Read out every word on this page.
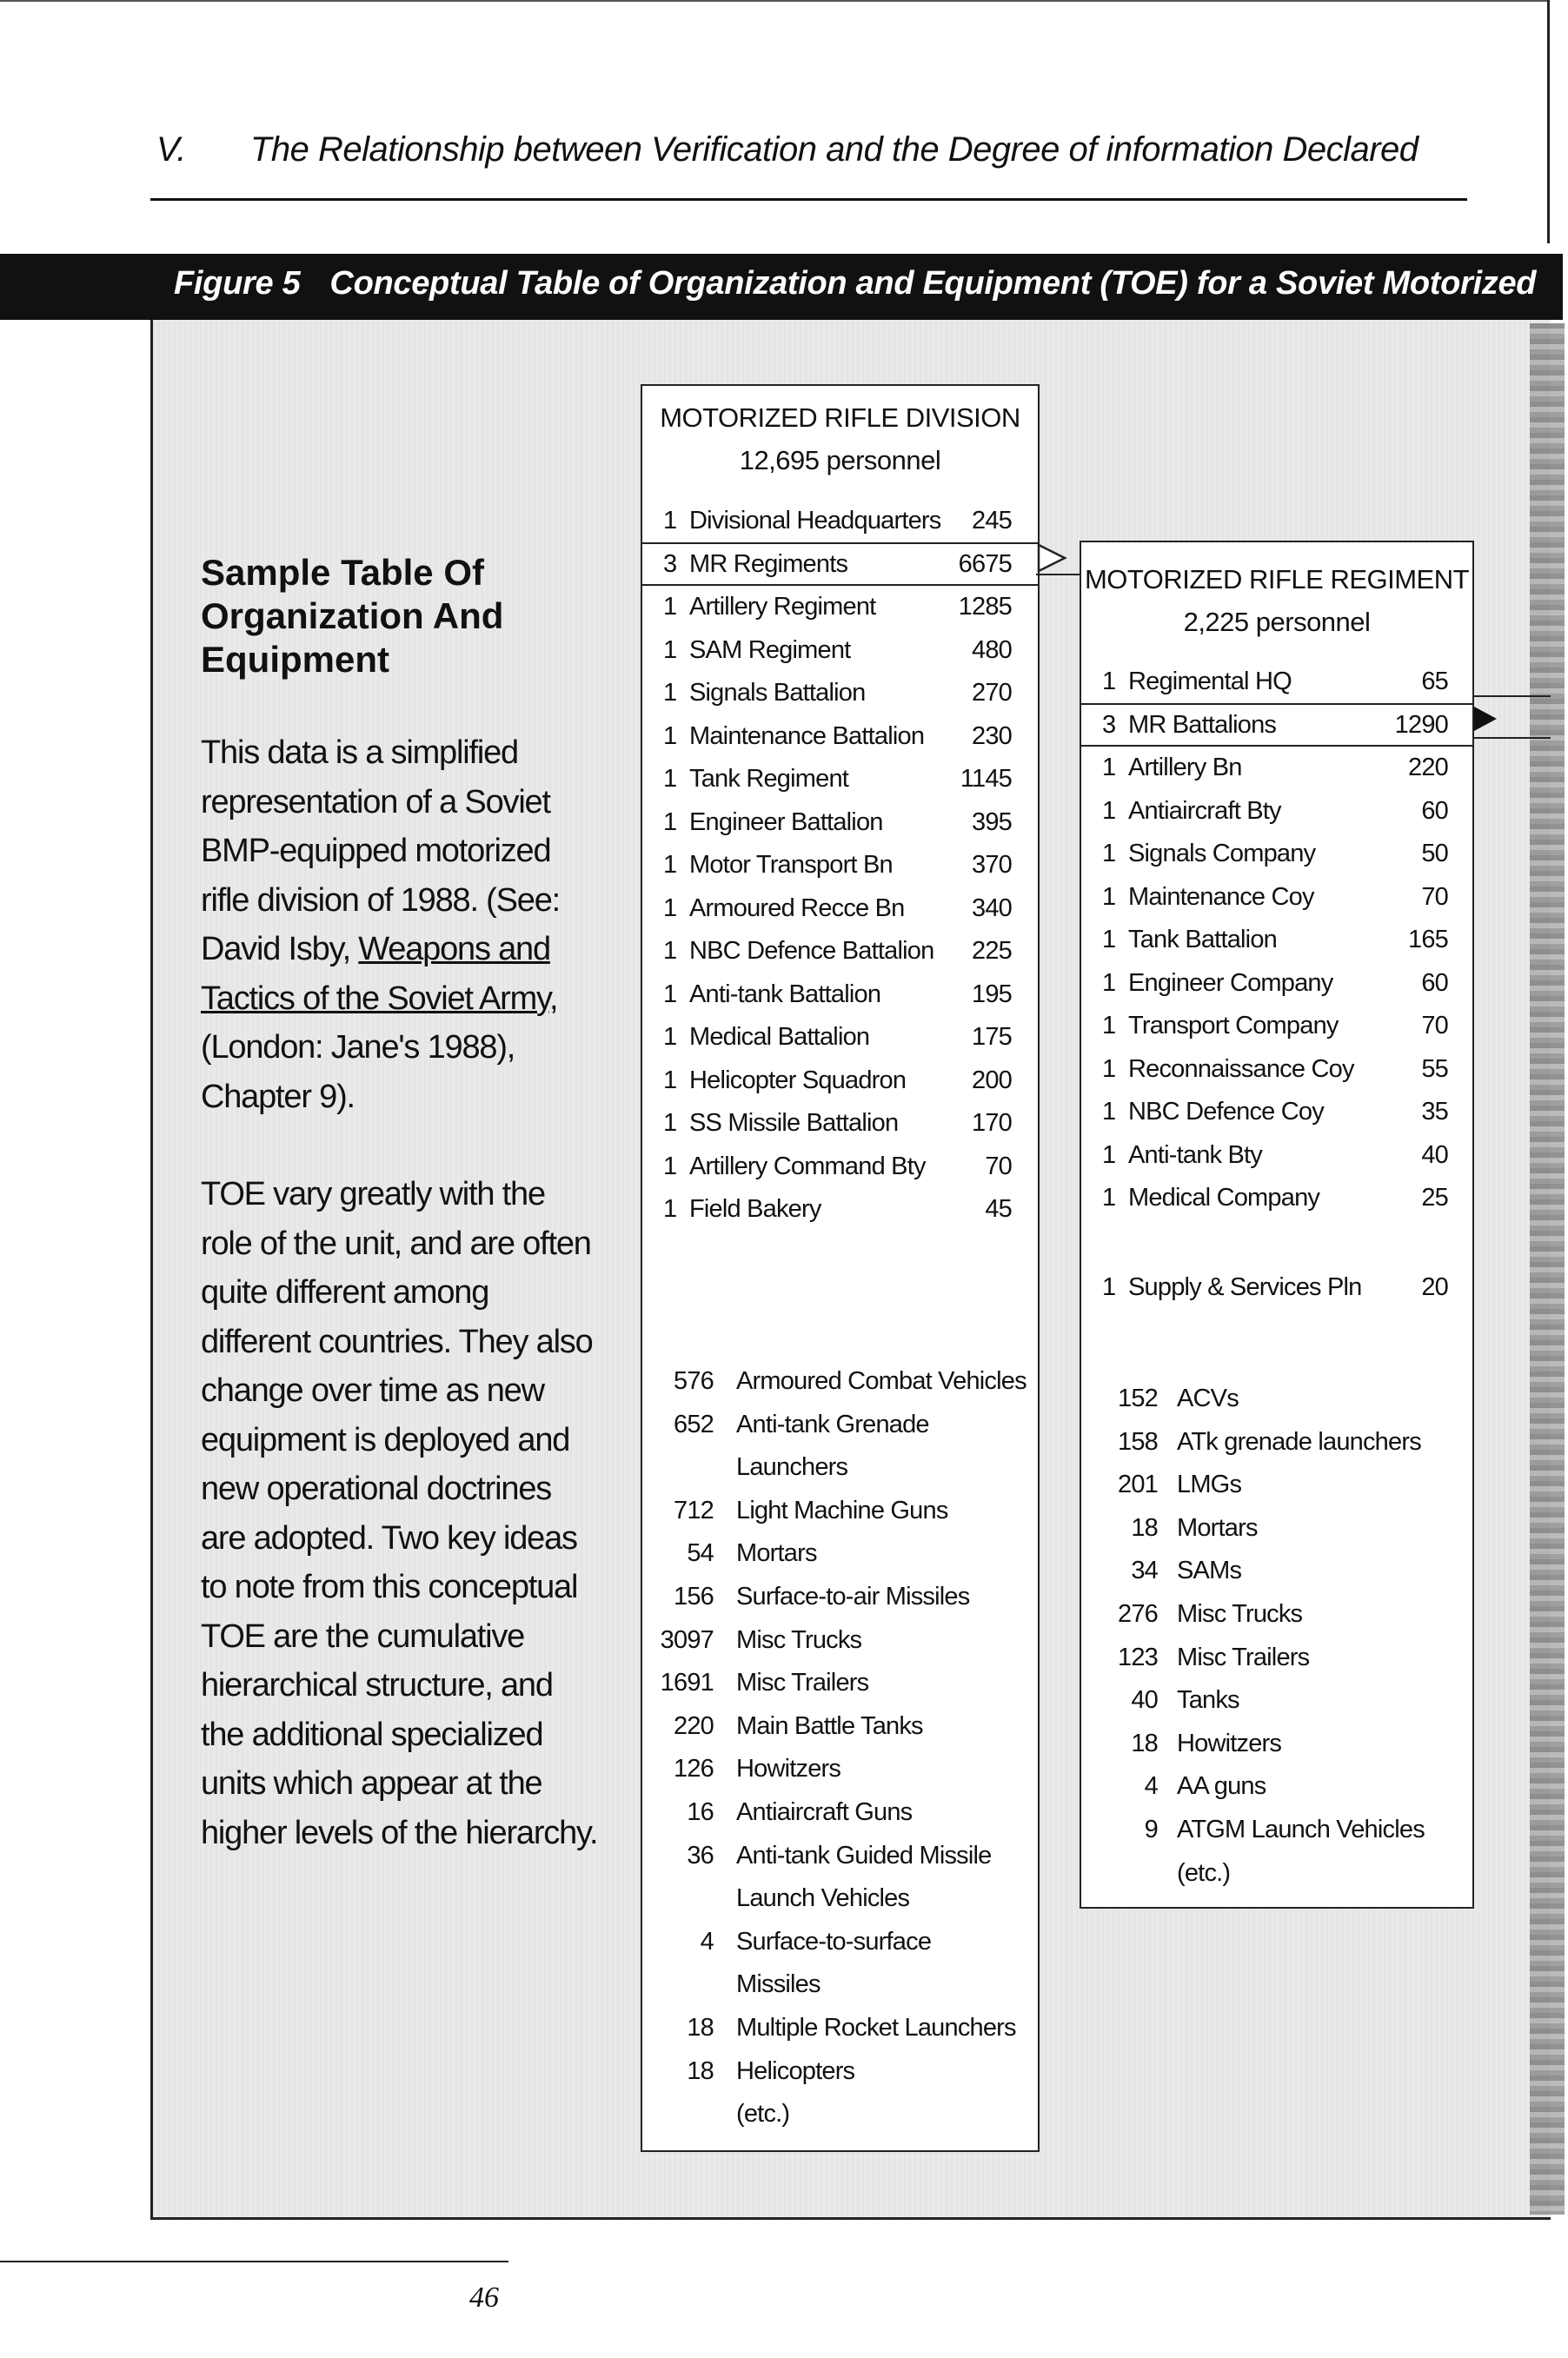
V. The Relationship between Verification and the Degree of information Declared
Figure 5 Conceptual Table of Organization and Equipment (TOE) for a Soviet Motorized
Sample Table Of
Organization And
Equipment

This data is a simplified representation of a Soviet BMP-equipped motorized rifle division of 1988. (See: David Isby, Weapons and Tactics of the Soviet Army, (London: Jane's 1988), Chapter 9).

TOE vary greatly with the role of the unit, and are often quite different among different countries. They also change over time as new equipment is deployed and new operational doctrines are adopted. Two key ideas to note from this conceptual TOE are the cumulative hierarchical structure, and the additional specialized units which appear at the higher levels of the hierarchy.

MOTORIZED RIFLE DIVISION
12,695 personnel
1 Divisional Headquarters 245
3 MR Regiments	6675
1 Artillery Regiment	1285
1 SAM Regiment	480
1 Signals Battalion	270
1 Maintenance Battalion 230
1 Tank Regiment	1145
1 Engineer Battalion	395
1 Motor Transport Bn	370
1 Armoured Recce Bn	340
1 NBC Defence Battalion 225
1 Anti-tank Battalion	195
1 Medical Battalion	175
1 Helicopter Squadron	200
1 SS Missile Battalion	170
1 Artillery Command Bty 70
1 Field Bakery	45
576 Armoured Combat Vehicles
652 Anti-tank Grenade
Launchers
712 Light Machine Guns
54 Mortars
156 Surface-to-air Missiles
3097 Misc Trucks
1691 Misc Trailers
220 Main Battle Tanks
126 Howitzers
16 Antiaircraft Guns
36 Anti-tank Guided Missile
Launch Vehicles
4 Surface-to-surface
Missiles
18 Multiple Rocket Launchers
18 Helicopters
(etc.)
MOTORIZED RIFLE REGIMENT
2,225 personnel
1 Regimental HQ	65
3 MR Battalions	1290
1 Artillery Bn	220
1 Antiaircraft Bty	60
1 Signals Company	50
1 Maintenance Coy	70
1 Tank Battalion	165
1 Engineer Company	60
1 Transport Company	70
1 Reconnaissance Coy	55
1 NBC Defence Coy	35
1 Anti-tank Bty	40
1 Medical Company	25
1 Supply & Services Pln 20
152 ACVs
158 ATk grenade launchers
201 LMGs
18 Mortars
34 SAMs
276 Misc Trucks
123 Misc Trailers
40 Tanks
18 Howitzers
4 AA guns
9 ATGM Launch Vehicles
(etc.)
46
